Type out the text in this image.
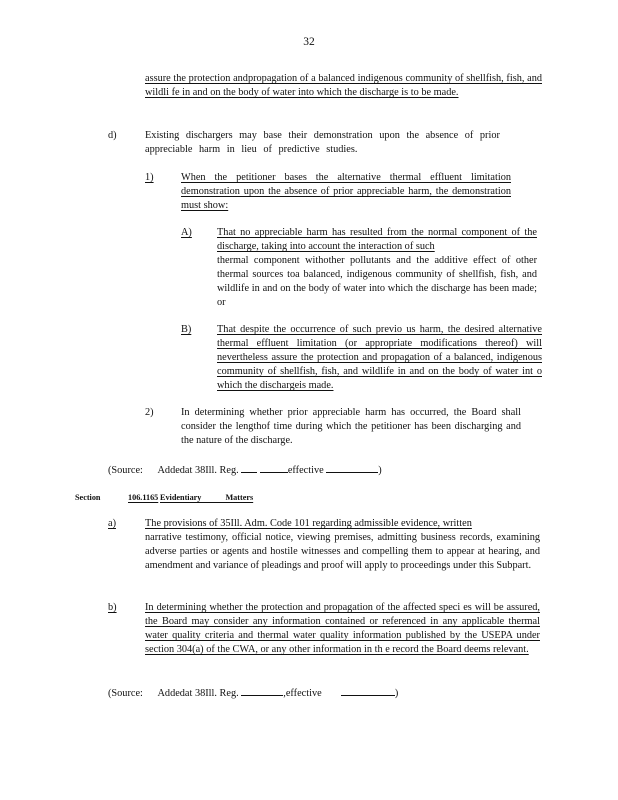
32

assure the protection andpropagation of a balanced indigenous community of shellfish, fish, and wildli fe in and on the body of water into which the discharge is to be made.

d)	Existing dischargers may base their demonstration upon the absence of prior appreciable harm in lieu of predictive studies.

1)	When the petitioner bases the alternative thermal effluent limitation demonstration upon the absence of prior appreciable harm, the demonstration must show:

A) That no appreciable harm has resulted from the normal component of the discharge, taking into account the interaction of such

thermal component withother pollutants and the additive effect of other thermal sources toa balanced, indigenous community of shellfish, fish, and wildlife in and on the body of water into which the discharge has been made; or

B) That despite the occurrence of such previo us harm, the desired alternative thermal effluent limitation (or appropriate modifications thereof) will nevertheless assure the protection and propagation of a balanced, indigenous community of shellfish, fish, and wildlife in and on the body of water int o which the dischargeis made.

2)	In determining whether prior appreciable harm has occurred, the Board shall consider the lengthof time during which the petitioner has been discharging and the nature of the discharge.

(Source: Addedat 38Ill. Reg.	effective	)
Section	106.1165 Evidentiary Matters
a)	The provisions of 35Ill. Adm. Code 101 regarding admissible evidence, written

narrative testimony, official notice, viewing premises, admitting business records, examining adverse parties or agents and hostile witnesses and compelling them to appear at hearing, and amendment and variance of pleadings and proof will apply to proceedings under this Subpart.

b)	In determining whether the protection and propagation of the affected speci es will be assured, the Board may consider any information contained or referenced in any applicable thermal water quality criteria and thermal water quality information published by the USEPA under section 304(a) of the CWA, or any other information in th e record the Board deems relevant.

(Source: Addedat 38Ill. Reg.	,effective	)
